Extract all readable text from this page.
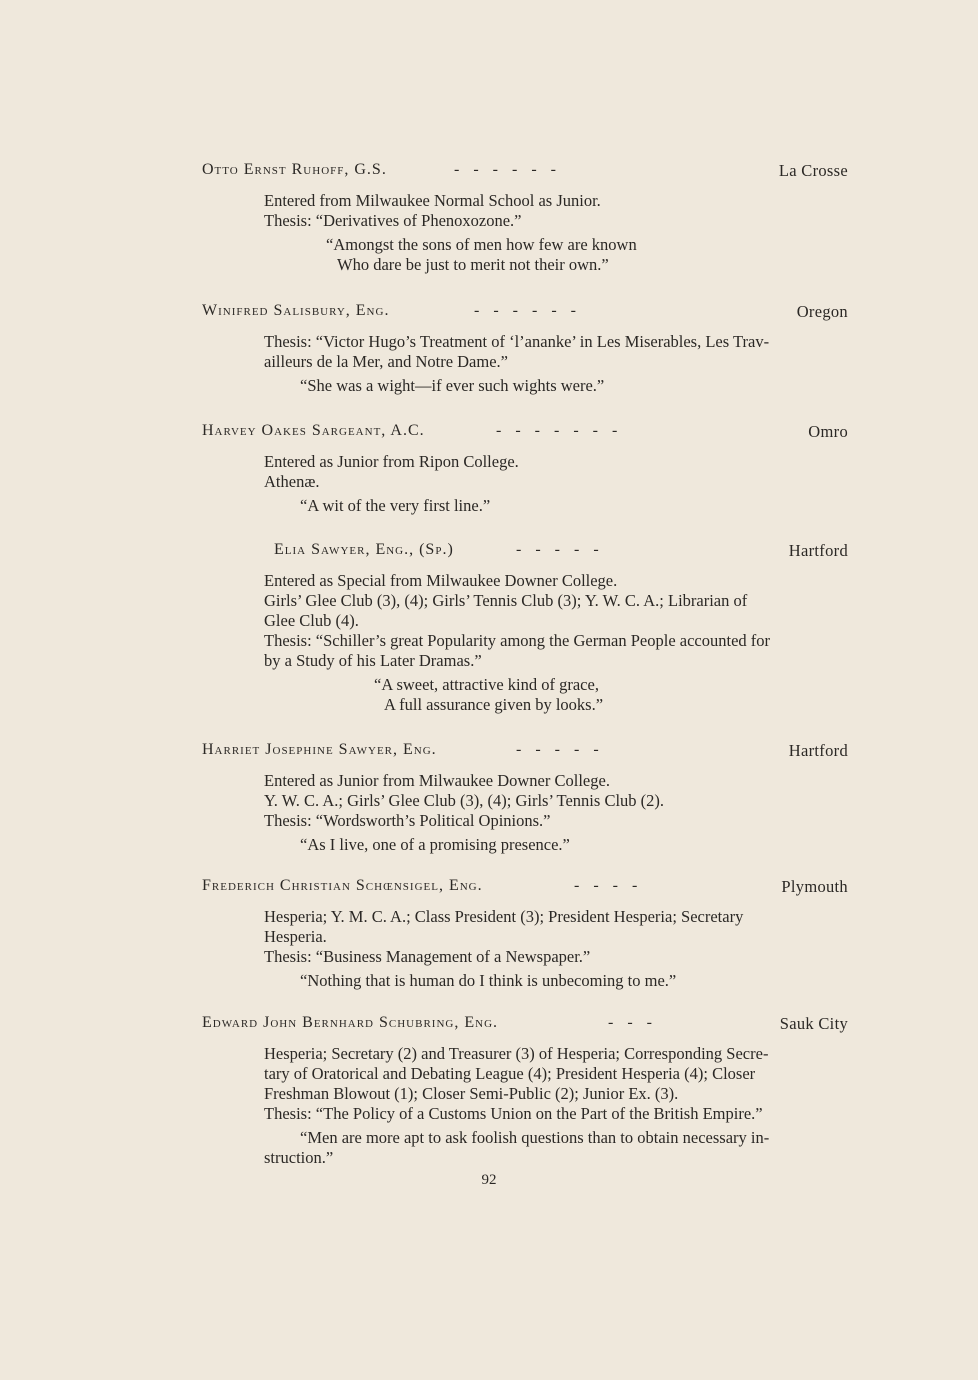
Otto Ernst Ruhoff, G.S.	- - - - - -	La Crosse

Entered from Milwaukee Normal School as Junior.

Thesis: “Derivatives of Phenoxozone.”

“Amongst the sons of men how few are known

Who dare be just to merit not their own.”

Winifred Salisbury, Eng.	- - - - - -	Oregon

Thesis: “Victor Hugo’s Treatment of ‘l’ananke’ in Les Miserables, Les Trav-

ailleurs de la Mer, and Notre Dame.”

“She was a wight—if ever such wights were.”

Harvey Oakes Sargeant, A.C.	- - - - - - -	Omro

Entered as Junior from Ripon College.

Athenæ.

“A wit of the very first line.”

Elia Sawyer, Eng., (Sp.)	- - - - -	Hartford

Entered as Special from Milwaukee Downer College.

Girls’ Glee Club (3), (4); Girls’ Tennis Club (3); Y. W. C. A.; Librarian of

Glee Club (4).

Thesis: “Schiller’s great Popularity among the German People accounted for

by a Study of his Later Dramas.”

“A sweet, attractive kind of grace,

A full assurance given by looks.”

Harriet Josephine Sawyer, Eng.	- - - - -	Hartford

Entered as Junior from Milwaukee Downer College.

Y. W. C. A.; Girls’ Glee Club (3), (4); Girls’ Tennis Club (2).

Thesis: “Wordsworth’s Political Opinions.”

“As I live, one of a promising presence.”

Frederich Christian Schœnsigel, Eng.	- - - -	Plymouth

Hesperia; Y. M. C. A.; Class President (3); President Hesperia; Secretary

Hesperia.

Thesis: “Business Management of a Newspaper.”

“Nothing that is human do I think is unbecoming to me.”

Edward John Bernhard Schubring, Eng.	- - -	Sauk City

Hesperia; Secretary (2) and Treasurer (3) of Hesperia; Corresponding Secre-

tary of Oratorical and Debating League (4); President Hesperia (4); Closer

Freshman Blowout (1); Closer Semi-Public (2); Junior Ex. (3).

Thesis: “The Policy of a Customs Union on the Part of the British Empire.”

“Men are more apt to ask foolish questions than to obtain necessary in-

struction.”

92
